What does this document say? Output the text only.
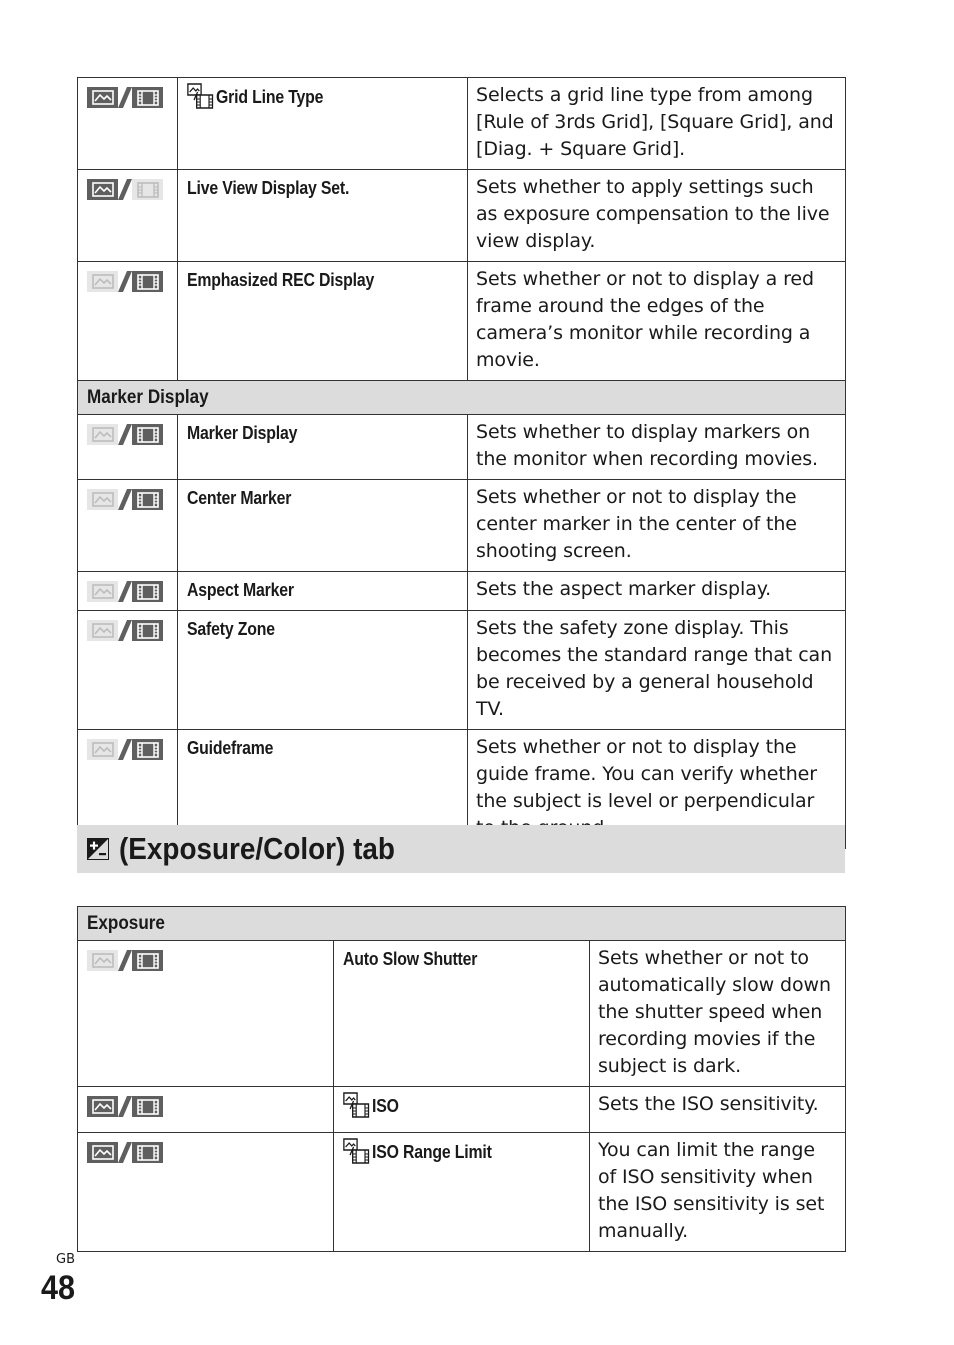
	Grid Line Type	Selects a grid line type from among [Rule of 3rds Grid], [Square Grid], and [Diag. + Square Grid].

	Live View Display Set.	Sets whether to apply settings such as exposure compensation to the live view display.

	Emphasized REC Display	Sets whether or not to display a red frame around the edges of the camera’s monitor while recording a movie.
Marker Display		

	Marker Display	Sets whether to display markers on the monitor when recording movies.

	Center Marker	Sets whether or not to display the center marker in the center of the shooting screen.

	Aspect Marker	Sets the aspect marker display.

	Safety Zone	Sets the safety zone display. This becomes the standard range that can be received by a general household TV.

	Guideframe	Sets whether or not to display the guide frame. You can verify whether the subject is level or perpendicular
(Exposure/Color) tab
Exposure		

	Auto Slow Shutter	Sets whether or not to automatically slow down the shutter speed when recording movies if the subject is dark.

	ISO	Sets the ISO sensitivity.

	ISO Range Limit	You can limit the range of ISO sensitivity when the ISO sensitivity is set manually.
GB
48
